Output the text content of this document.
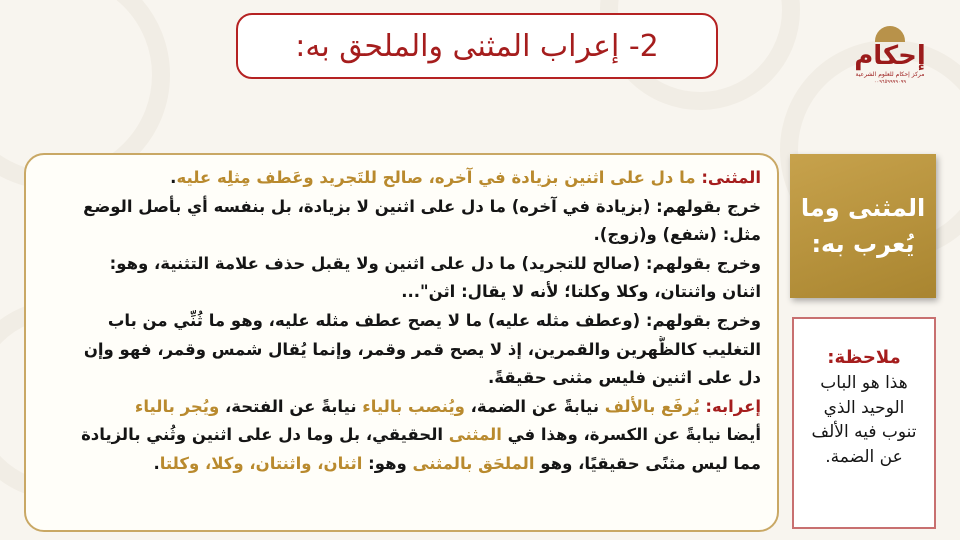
إحكام
مركز إحكام للعلوم الشرعية
٠٠٩٦٥٩٩٩٩٠٩٩
2- إعراب المثنى والملحق به:

المثنى: ما دل على اثنين بزيادة في آخره، صالح للتَجريد وعَطف مِثلِه عليه.

خرج بقولهم: (بزيادة في آخره) ما دل على اثنين لا بزيادة، بل بنفسه أي بأصل الوضع

مثل: (شفع) و(زوج).

وخرج بقولهم: (صالح للتجريد) ما دل على اثنين ولا يقبل حذف علامة التثنية، وهو:

اثنان واثنتان، وكلا وكلتا؛ لأنه لا يقال: اثن"...

وخرج بقولهم: (وعطف مثله عليه) ما لا يصح عطف مثله عليه، وهو ما ثُنِّي من باب

التغليب كالظُّهرين والقمرين، إذ لا يصح قمر وقمر، وإنما يُقال شمس وقمر، فهو وإن

دل على اثنين فليس مثنى حقيقةً.

إعرابه: يُرفَع بالألف نيابةً عن الضمة، ويُنصب بالياء نيابةً عن الفتحة، ويُجر بالياء

أيضا نيابةً عن الكسرة، وهذا في المثنى الحقيقي، بل وما دل على اثنين وثُني بالزيادة

مما ليس مثنًى حقيقيًا، وهو الملحَق بالمثنى وهو: اثنان، واثنتان، وكلا، وكلتا.

المثنى وما
يُعرب به:
ملاحظة:
هذا هو الباب
الوحيد الذي
تنوب فيه الألف
عن الضمة.
